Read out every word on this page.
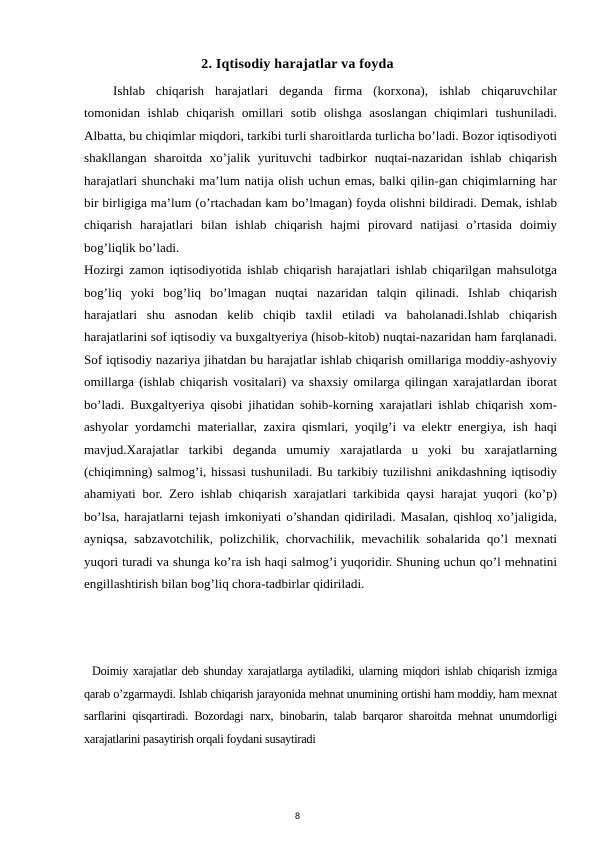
2. Iqtisodiy harajatlar va foyda

Ishlab chiqarish harajatlari deganda firma (korxona), ishlab chiqaruvchilar tomonidan ishlab chiqarish omillari sotib olishga asoslangan chiqimlari tushuniladi. Albatta, bu chiqimlar miqdori, tarkibi turli sharoitlarda turlicha bo’ladi. Bozor iqtisodiyoti shakllangan sharoitda xo’jalik yurituvchi tadbirkor nuqtai-nazaridan ishlab chiqarish harajatlari shunchaki ma’lum natija olish uchun emas, balki qilin-gan chiqimlarning har bir birligiga ma’lum (o’rtachadan kam bo’lmagan) foyda olishni bildiradi. Demak, ishlab chiqarish harajatlari bilan ishlab chiqarish hajmi pirovard natijasi o’rtasida doimiy bog’liqlik bo’ladi.

Hozirgi zamon iqtisodiyotida ishlab chiqarish harajatlari ishlab chiqarilgan mahsulotga bog’liq yoki bog’liq bo’lmagan nuqtai nazaridan talqin qilinadi. Ishlab chiqarish harajatlari shu asnodan kelib chiqib taxlil etiladi va baholanadi.Ishlab chiqarish harajatlarini sof iqtisodiy va buxgaltyeriya (hisob-kitob) nuqtai-nazaridan ham farqlanadi. Sof iqtisodiy nazariya jihatdan bu harajatlar ishlab chiqarish omillariga moddiy-ashyoviy omillarga (ishlab chiqarish vositalari) va shaxsiy omilarga qilingan xarajatlardan iborat bo’ladi. Buxgaltyeriya qisobi jihatidan sohib-korning xarajatlari ishlab chiqarish xom-ashyolar yordamchi materiallar, zaxira qismlari, yoqilg’i va elektr energiya, ish haqi mavjud.Xarajatlar tarkibi deganda umumiy xarajatlarda u yoki bu xarajatlarning (chiqimning) salmog’i, hissasi tushuniladi. Bu tarkibiy tuzilishni anikdashning iqtisodiy ahamiyati bor. Zero ishlab chiqarish xarajatlari tarkibida qaysi harajat yuqori (ko’p) bo’lsa, harajatlarni tejash imkoniyati o’shandan qidiriladi. Masalan, qishloq xo’jaligida, ayniqsa, sabzavotchilik, polizchilik, chorvachilik, mevachilik sohalarida qo’l mexnati yuqori turadi va shunga ko’ra ish haqi salmog’i yuqoridir. Shuning uchun qo’l mehnatini engillashtirish bilan bog’liq chora-tadbirlar qidiriladi.

Doimiy xarajatlar deb shunday xarajatlarga aytiladiki, ularning miqdori ishlab chiqarish izmiga qarab o’zgarmaydi. Ishlab chiqarish jarayonida mehnat unumining ortishi ham moddiy, ham mexnat sarflarini qisqartiradi. Bozordagi narx, binobarin, talab barqaror sharoitda mehnat unumdorligi xarajatlarini pasaytirish orqali foydani susaytiradi

8
